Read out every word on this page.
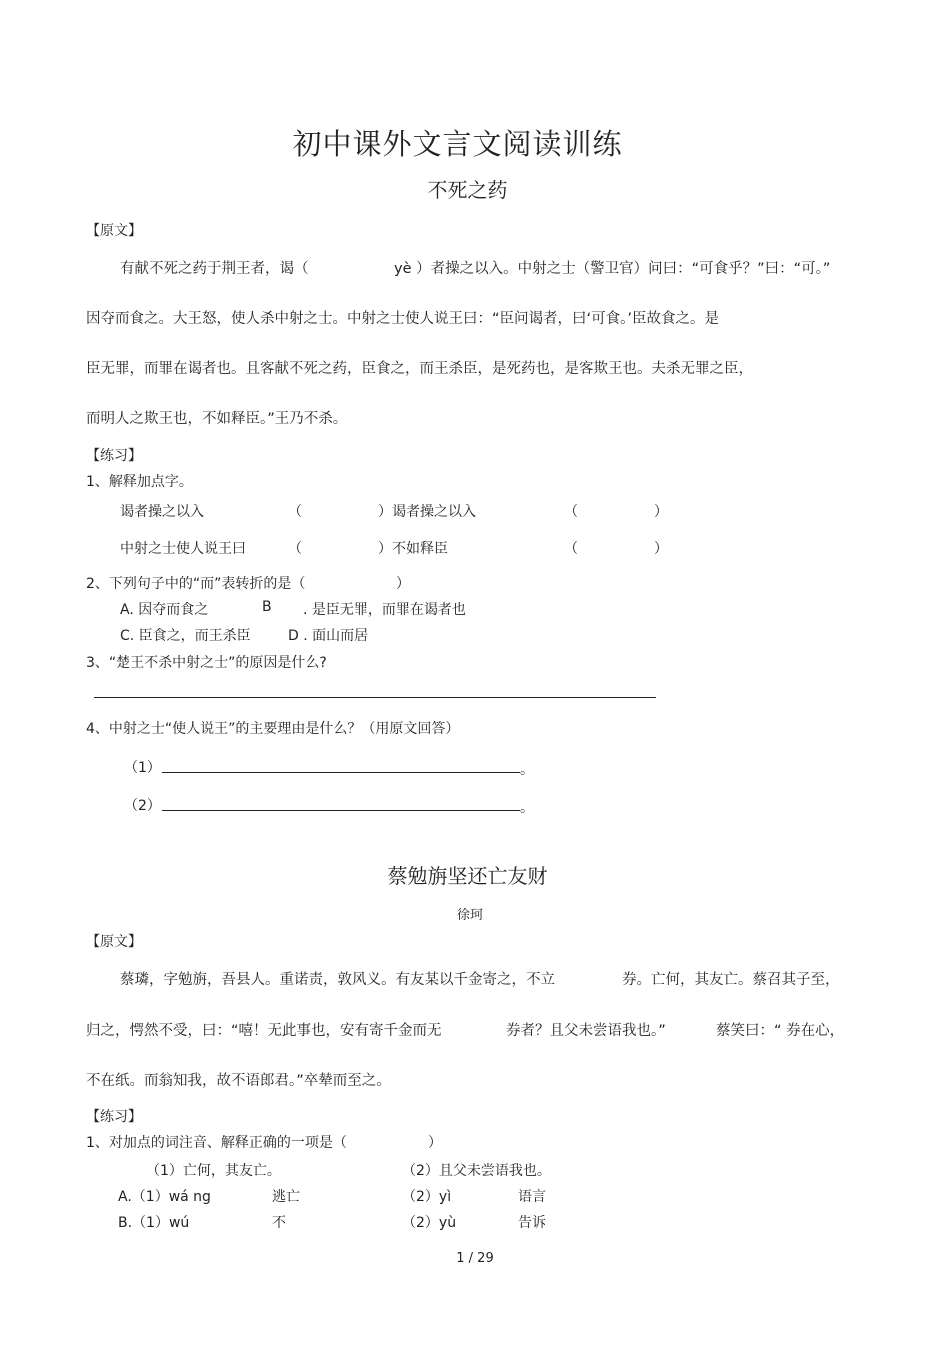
初中课外文言文阅读训练
不死之药
【原文】
有献不死之药于荆王者，谒（	yè ）者操之以入。中射之士（警卫官）问曰：“可食乎？”曰：“可。”
因夺而食之。大王怒，使人杀中射之士。中射之士使人说王曰：“臣问谒者，曰‘可食。’臣故食之。是
臣无罪，而罪在谒者也。且客献不死之药，臣食之，而王杀臣，是死药也，是客欺王也。夫杀无罪之臣，
而明人之欺王也，不如释臣。”王乃不杀。
【练习】
1、解释加点字。
谒者操之以入	（	）谒者操之以入	（	）
中射之士使人说王曰	（	）不如释臣	（	）
2、下列句子中的“而”表转折的是（	）
A. 因夺而食之	B . 是臣无罪，而罪在谒者也
C. 臣食之，而王杀臣	D . 面山而居
3、“楚王不杀中射之士”的原因是什么?
4、中射之士“使人说王”的主要理由是什么？（用原文回答）
（1）	。
（2）	。
蔡勉旃坚还亡友财
徐珂
【原文】
蔡璘，字勉旃，吾县人。重诺责，敦风义。有友某以千金寄之，不立	券。亡何，其友亡。蔡召其子至，
归之，愕然不受，曰：“嘻！无此事也，安有寄千金而无	券者？且父未尝语我也。”	蔡笑曰：“ 券在心，
不在纸。而翁知我，故不语郎君。”卒辇而至之。
【练习】
1、对加点的词注音、解释正确的一项是（	）
（1）亡何，其友亡。	（2）且父未尝语我也。
A.（1）wá ng	逃亡	（2）yì	语言
B.（1）wú	不	（2）yù	告诉
1 / 29
